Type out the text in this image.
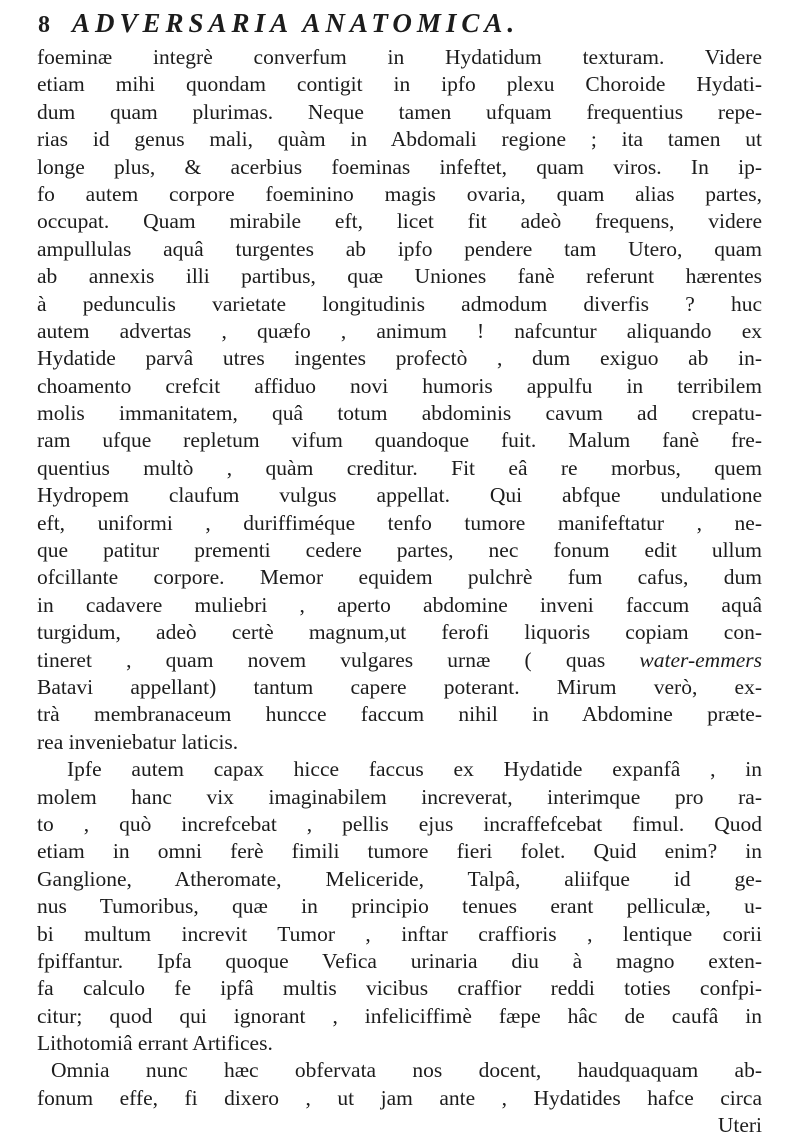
8 ADVERSARIA ANATOMICA.
foeminæ integrè converfum in Hydatidum texturam. Videre
etiam mihi quondam contigit in ipfo plexu Choroide Hydati-
dum quam plurimas. Neque tamen ufquam frequentius repe-
rias id genus mali, quàm in Abdomali regione ; ita tamen ut
longe plus, & acerbius foeminas infeftet, quam viros. In ip-
fo autem corpore foeminino magis ovaria, quam alias partes,
occupat. Quam mirabile eft, licet fit adeò frequens, videre
ampullulas aquâ turgentes ab ipfo pendere tam Utero, quam
ab annexis illi partibus, quæ Uniones fanè referunt hærentes
à pedunculis varietate longitudinis admodum diverfis ? huc
autem advertas , quæfo , animum ! nafcuntur aliquando ex
Hydatide parvâ utres ingentes profectò , dum exiguo ab in-
choamento crefcit affiduo novi humoris appulfu in terribilem
molis immanitatem, quâ totum abdominis cavum ad crepatu-
ram ufque repletum vifum quandoque fuit. Malum fanè fre-
quentius multò , quàm creditur. Fit eâ re morbus, quem
Hydropem claufum vulgus appellat. Qui abfque undulatione
eft, uniformi , duriffiméque tenfo tumore manifeftatur , ne-
que patitur prementi cedere partes, nec fonum edit ullum
ofcillante corpore. Memor equidem pulchrè fum cafus, dum
in cadavere muliebri , aperto abdomine inveni faccum aquâ
turgidum, adeò certè magnum,ut ferofi liquoris copiam con-
tineret , quam novem vulgares urnæ ( quas water-emmers
Batavi appellant) tantum capere poterant. Mirum verò, ex-
trà membranaceum huncce faccum nihil in Abdomine præte-
rea inveniebatur laticis.
Ipfe autem capax hicce faccus ex Hydatide expanfâ , in
molem hanc vix imaginabilem increverat, interimque pro ra-
to , quò increfcebat , pellis ejus incraffefcebat fimul. Quod
etiam in omni ferè fimili tumore fieri folet. Quid enim? in
Ganglione, Atheromate, Meliceride, Talpâ, aliifque id ge-
nus Tumoribus, quæ in principio tenues erant pelliculæ, u-
bi multum increvit Tumor , inftar craffioris , lentique corii
fpiffantur. Ipfa quoque Vefica urinaria diu à magno exten-
fa calculo fe ipfâ multis vicibus craffior reddi toties confpi-
citur; quod qui ignorant , infeliciffimè fæpe hâc de caufâ in
Lithotomiâ errant Artifices.
Omnia nunc hæc obfervata nos docent, haudquaquam ab-
fonum effe, fi dixero , ut jam ante , Hydatides hafce circa
Uteri
